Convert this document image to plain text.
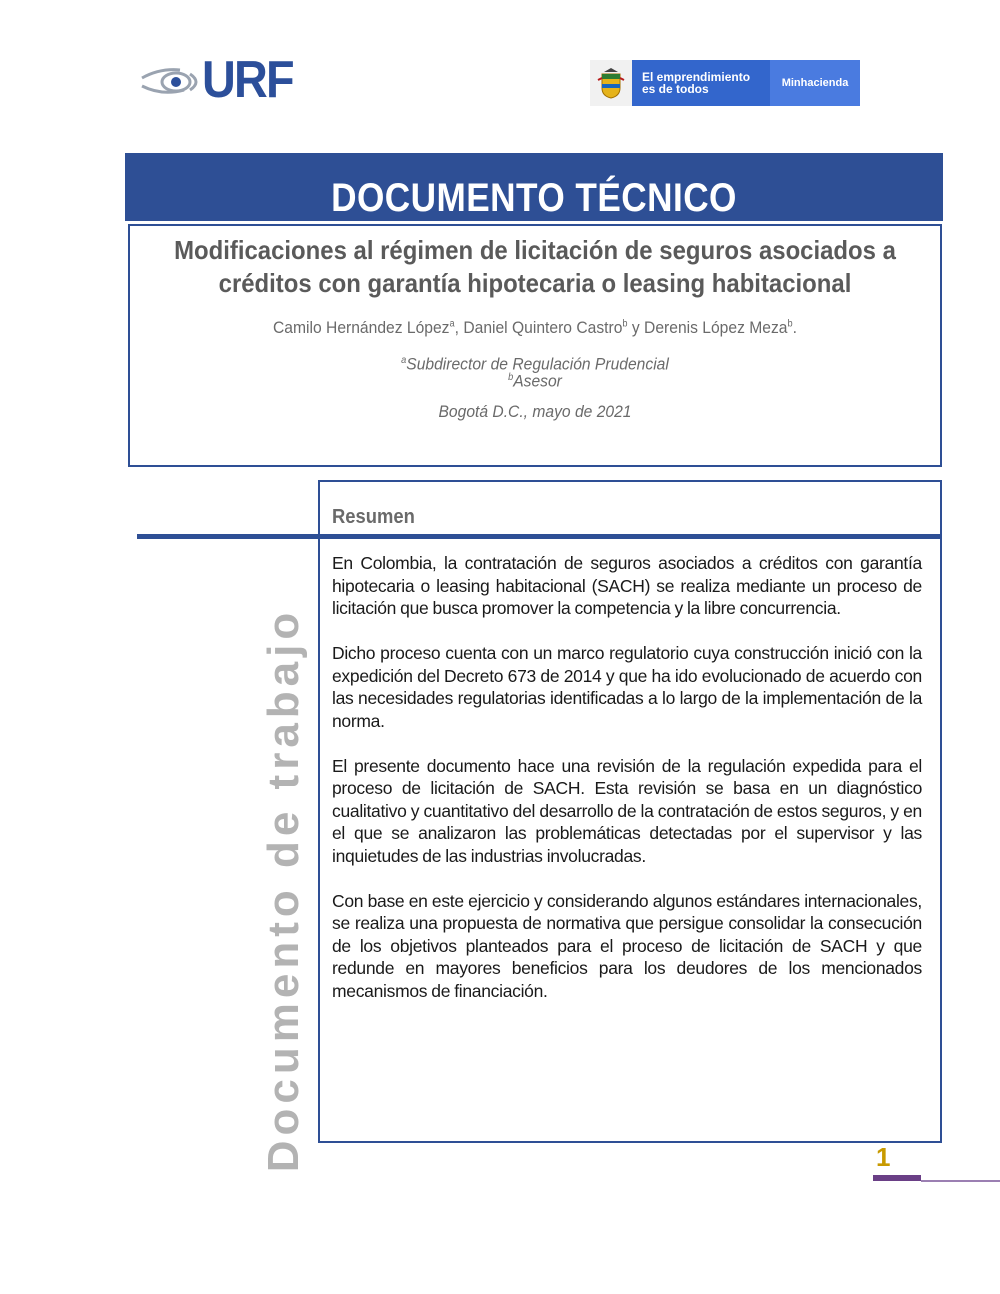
URF	El emprendimiento
es de todos	Minhacienda
DOCUMENTO TÉCNICO
Modificaciones al régimen de licitación de seguros asociados a
créditos con garantía hipotecaria o leasing habitacional
Camilo Hernández López$^a$, Daniel Quintero Castro$^b$ y Derenis López Meza$^b$.
$^a$Subdirector de Regulación Prudencial
$^b$Asesor
Bogotá D.C., mayo de 2021
Documento de trabajo
Resumen

En Colombia, la contratación de seguros asociados a créditos con garantía hipotecaria o leasing habitacional (SACH) se realiza mediante un proceso de licitación que busca promover la competencia y la libre concurrencia.

Dicho proceso cuenta con un marco regulatorio cuya construcción inició con la expedición del Decreto 673 de 2014 y que ha ido evolucionado de acuerdo con las necesidades regulatorias identificadas a lo largo de la implementación de la norma.

El presente documento hace una revisión de la regulación expedida para el proceso de licitación de SACH. Esta revisión se basa en un diagnóstico cualitativo y cuantitativo del desarrollo de la contratación de estos seguros, y en el que se analizaron las problemáticas detectadas por el supervisor y las inquietudes de las industrias involucradas.

Con base en este ejercicio y considerando algunos estándares internacionales, se realiza una propuesta de normativa que persigue consolidar la consecución de los objetivos planteados para el proceso de licitación de SACH y que redunde en mayores beneficios para los deudores de los mencionados mecanismos de financiación.

1
